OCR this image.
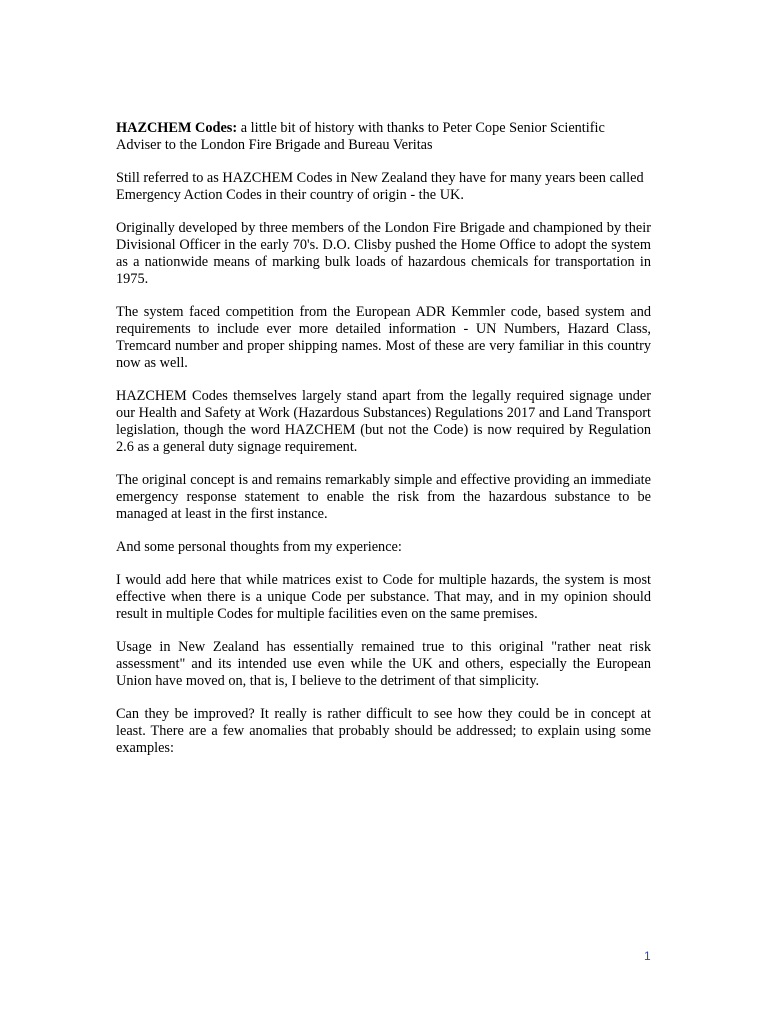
HAZCHEM Codes: a little bit of history with thanks to Peter Cope Senior Scientific Adviser to the London Fire Brigade and Bureau Veritas

Still referred to as HAZCHEM Codes in New Zealand they have for many years been called Emergency Action Codes in their country of origin - the UK.

Originally developed by three members of the London Fire Brigade and championed by their Divisional Officer in the early 70's. D.O. Clisby pushed the Home Office to adopt the system as a nationwide means of marking bulk loads of hazardous chemicals for transportation in 1975.

The system faced competition from the European ADR Kemmler code, based system and requirements to include ever more detailed information - UN Numbers, Hazard Class, Tremcard number and proper shipping names. Most of these are very familiar in this country now as well.

HAZCHEM Codes themselves largely stand apart from the legally required signage under our Health and Safety at Work (Hazardous Substances) Regulations 2017 and Land Transport legislation, though the word HAZCHEM (but not the Code) is now required by Regulation 2.6 as a general duty signage requirement.

The original concept is and remains remarkably simple and effective providing an immediate emergency response statement to enable the risk from the hazardous substance to be managed at least in the first instance.

And some personal thoughts from my experience:

I would add here that while matrices exist to Code for multiple hazards, the system is most effective when there is a unique Code per substance. That may, and in my opinion should result in multiple Codes for multiple facilities even on the same premises.

Usage in New Zealand has essentially remained true to this original "rather neat risk assessment" and its intended use even while the UK and others, especially the European Union have moved on, that is, I believe to the detriment of that simplicity.

Can they be improved? It really is rather difficult to see how they could be in concept at least. There are a few anomalies that probably should be addressed; to explain using some examples:

1
